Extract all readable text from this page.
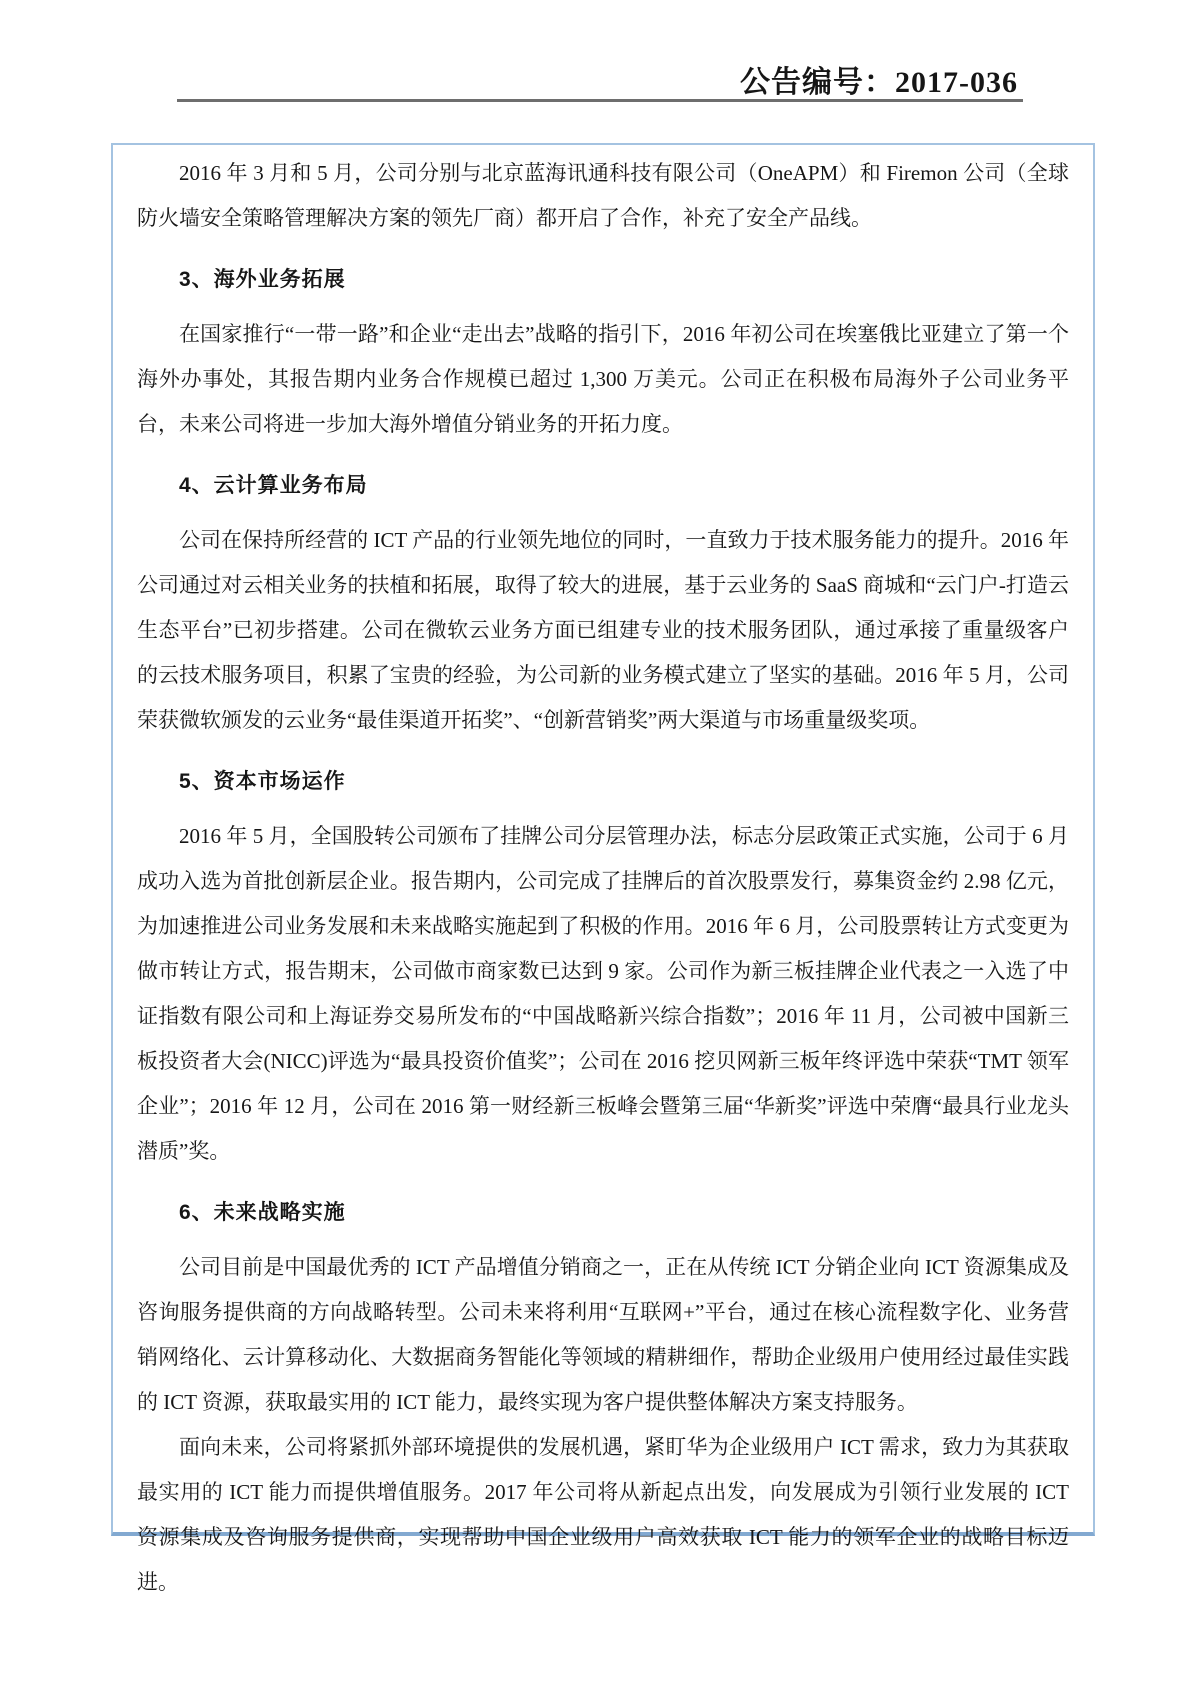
公告编号：2017-036

2016 年 3 月和 5 月，公司分别与北京蓝海讯通科技有限公司（OneAPM）和 Firemon 公司（全球防火墙安全策略管理解决方案的领先厂商）都开启了合作，补充了安全产品线。

3、海外业务拓展

在国家推行“一带一路”和企业“走出去”战略的指引下，2016 年初公司在埃塞俄比亚建立了第一个海外办事处，其报告期内业务合作规模已超过 1,300 万美元。公司正在积极布局海外子公司业务平台，未来公司将进一步加大海外增值分销业务的开拓力度。

4、云计算业务布局

公司在保持所经营的 ICT 产品的行业领先地位的同时，一直致力于技术服务能力的提升。2016 年公司通过对云相关业务的扶植和拓展，取得了较大的进展，基于云业务的 SaaS 商城和“云门户-打造云生态平台”已初步搭建。公司在微软云业务方面已组建专业的技术服务团队，通过承接了重量级客户的云技术服务项目，积累了宝贵的经验，为公司新的业务模式建立了坚实的基础。2016 年 5 月，公司荣获微软颁发的云业务“最佳渠道开拓奖”、“创新营销奖”两大渠道与市场重量级奖项。

5、资本市场运作

2016 年 5 月，全国股转公司颁布了挂牌公司分层管理办法，标志分层政策正式实施，公司于 6 月成功入选为首批创新层企业。报告期内，公司完成了挂牌后的首次股票发行，募集资金约 2.98 亿元，为加速推进公司业务发展和未来战略实施起到了积极的作用。2016 年 6 月，公司股票转让方式变更为做市转让方式，报告期末，公司做市商家数已达到 9 家。公司作为新三板挂牌企业代表之一入选了中证指数有限公司和上海证券交易所发布的“中国战略新兴综合指数”；2016 年 11 月，公司被中国新三板投资者大会(NICC)评选为“最具投资价值奖”；公司在 2016 挖贝网新三板年终评选中荣获“TMT 领军企业”；2016 年 12 月，公司在 2016 第一财经新三板峰会暨第三届“华新奖”评选中荣膺“最具行业龙头潜质”奖。

6、未来战略实施

公司目前是中国最优秀的 ICT 产品增值分销商之一，正在从传统 ICT 分销企业向 ICT 资源集成及咨询服务提供商的方向战略转型。公司未来将利用“互联网+”平台，通过在核心流程数字化、业务营销网络化、云计算移动化、大数据商务智能化等领域的精耕细作，帮助企业级用户使用经过最佳实践的 ICT 资源，获取最实用的 ICT 能力，最终实现为客户提供整体解决方案支持服务。

面向未来，公司将紧抓外部环境提供的发展机遇，紧盯华为企业级用户 ICT 需求，致力为其获取最实用的 ICT 能力而提供增值服务。2017 年公司将从新起点出发，向发展成为引领行业发展的 ICT 资源集成及咨询服务提供商，实现帮助中国企业级用户高效获取 ICT 能力的领军企业的战略目标迈进。
